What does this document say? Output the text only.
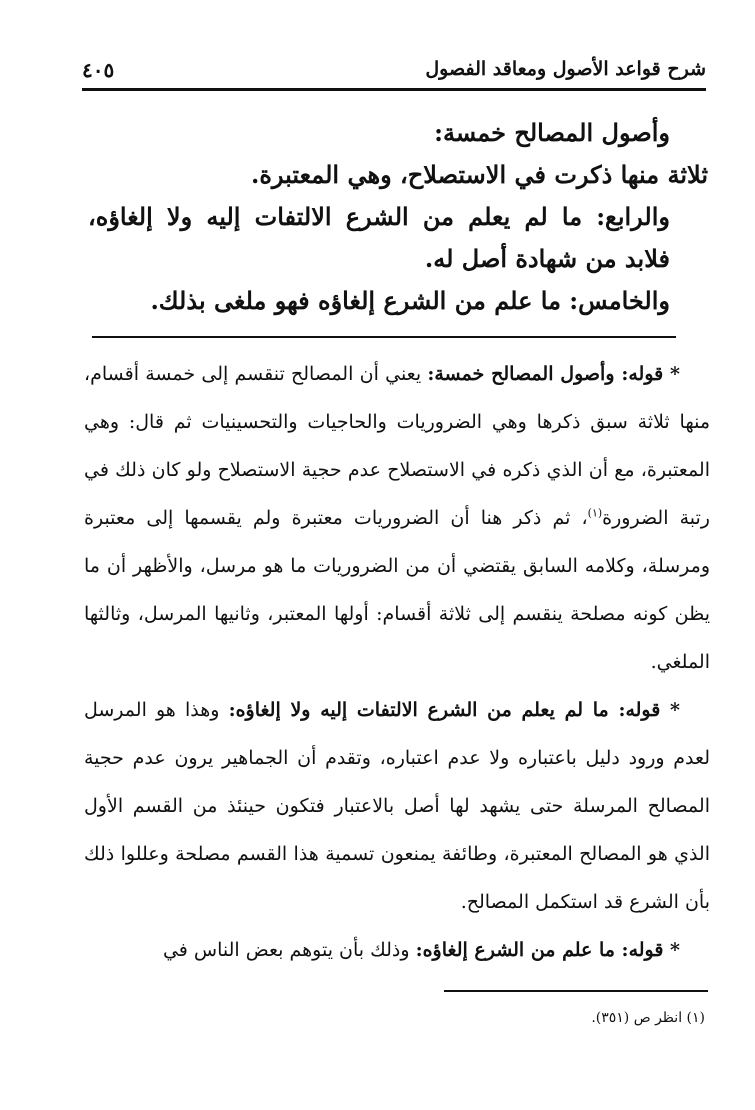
شرح قواعد الأصول ومعاقد الفصول
٤٠٥

وأصول المصالح خمسة:

ثلاثة منها ذكرت في الاستصلاح، وهي المعتبرة.

والرابع: ما لم يعلم من الشرع الالتفات إليه ولا إلغاؤه، فلابد من شهادة أصل له.

والخامس: ما علم من الشرع إلغاؤه فهو ملغى بذلك.

* قوله: وأصول المصالح خمسة: يعني أن المصالح تنقسم إلى خمسة أقسام، منها ثلاثة سبق ذكرها وهي الضروريات والحاجيات والتحسينيات ثم قال: وهي المعتبرة، مع أن الذي ذكره في الاستصلاح عدم حجية الاستصلاح ولو كان ذلك في رتبة الضرورة$^{(١)}$، ثم ذكر هنا أن الضروريات معتبرة ولم يقسمها إلى معتبرة ومرسلة، وكلامه السابق يقتضي أن من الضروريات ما هو مرسل، والأظهر أن ما يظن كونه مصلحة ينقسم إلى ثلاثة أقسام: أولها المعتبر، وثانيها المرسل، وثالثها الملغي.

* قوله: ما لم يعلم من الشرع الالتفات إليه ولا إلغاؤه: وهذا هو المرسل لعدم ورود دليل باعتباره ولا عدم اعتباره، وتقدم أن الجماهير يرون عدم حجية المصالح المرسلة حتى يشهد لها أصل بالاعتبار فتكون حينئذ من القسم الأول الذي هو المصالح المعتبرة، وطائفة يمنعون تسمية هذا القسم مصلحة وعللوا ذلك بأن الشرع قد استكمل المصالح.

* قوله: ما علم من الشرع إلغاؤه: وذلك بأن يتوهم بعض الناس في

(١) انظر ص (٣٥١).
